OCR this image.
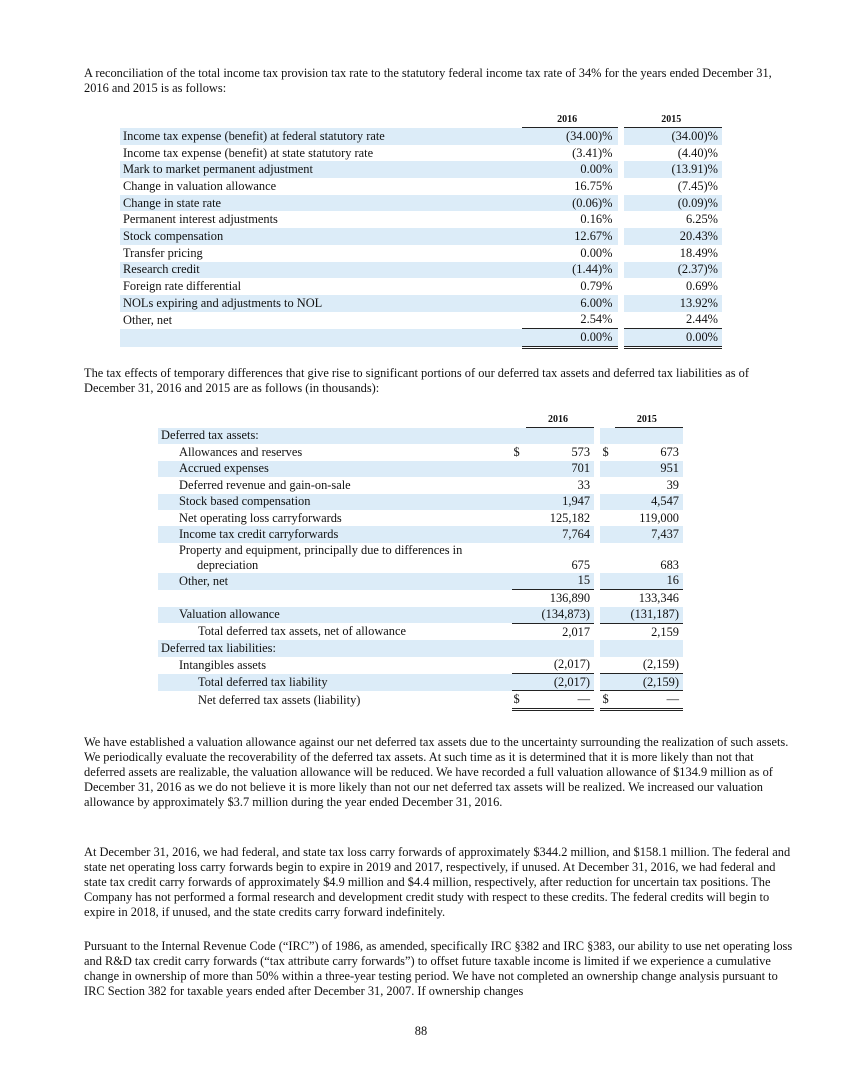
A reconciliation of the total income tax provision tax rate to the statutory federal income tax rate of 34% for the years ended December 31, 2016 and 2015 is as follows:

	2016		2015
Income tax expense (benefit) at federal statutory rate	(34.00)%		(34.00)%
Income tax expense (benefit) at state statutory rate	(3.41)%		(4.40)%
Mark to market permanent adjustment	0.00%		(13.91)%
Change in valuation allowance	16.75%		(7.45)%
Change in state rate	(0.06)%		(0.09)%
Permanent interest adjustments	0.16%		6.25%
Stock compensation	12.67%		20.43%
Transfer pricing	0.00%		18.49%
Research credit	(1.44)%		(2.37)%
Foreign rate differential	0.79%		0.69%
NOLs expiring and adjustments to NOL	6.00%		13.92%
Other, net	2.54%		2.44%
	0.00%		0.00%

The tax effects of temporary differences that give rise to significant portions of our deferred tax assets and deferred tax liabilities as of December 31, 2016 and 2015 are as follows (in thousands):

		2016			2015
Deferred tax assets:					
Allowances and reserves	$	573		$	673
Accrued expenses		701			951
Deferred revenue and gain-on-sale		33			39
Stock based compensation		1,947			4,547
Net operating loss carryforwards		125,182			119,000
Income tax credit carryforwards		7,764			7,437
Property and equipment, principally due to differences in depreciation		675			683
Other, net		15			16
		136,890			133,346
Valuation allowance		(134,873)			(131,187)
Total deferred tax assets, net of allowance		2,017			2,159
Deferred tax liabilities:					
Intangibles assets		(2,017)			(2,159)
Total deferred tax liability		(2,017)			(2,159)
Net deferred tax assets (liability)	$	—		$	—

We have established a valuation allowance against our net deferred tax assets due to the uncertainty surrounding the realization of such assets. We periodically evaluate the recoverability of the deferred tax assets. At such time as it is determined that it is more likely than not that deferred assets are realizable, the valuation allowance will be reduced. We have recorded a full valuation allowance of $134.9 million as of December 31, 2016 as we do not believe it is more likely than not our net deferred tax assets will be realized. We increased our valuation allowance by approximately $3.7 million during the year ended December 31, 2016.

At December 31, 2016, we had federal, and state tax loss carry forwards of approximately $344.2 million, and $158.1 million. The federal and state net operating loss carry forwards begin to expire in 2019 and 2017, respectively, if unused. At December 31, 2016, we had federal and state tax credit carry forwards of approximately $4.9 million and $4.4 million, respectively, after reduction for uncertain tax positions. The Company has not performed a formal research and development credit study with respect to these credits. The federal credits will begin to expire in 2018, if unused, and the state credits carry forward indefinitely.

Pursuant to the Internal Revenue Code (“IRC”) of 1986, as amended, specifically IRC §382 and IRC §383, our ability to use net operating loss and R&D tax credit carry forwards (“tax attribute carry forwards”) to offset future taxable income is limited if we experience a cumulative change in ownership of more than 50% within a three-year testing period. We have not completed an ownership change analysis pursuant to IRC Section 382 for taxable years ended after December 31, 2007. If ownership changes

88
